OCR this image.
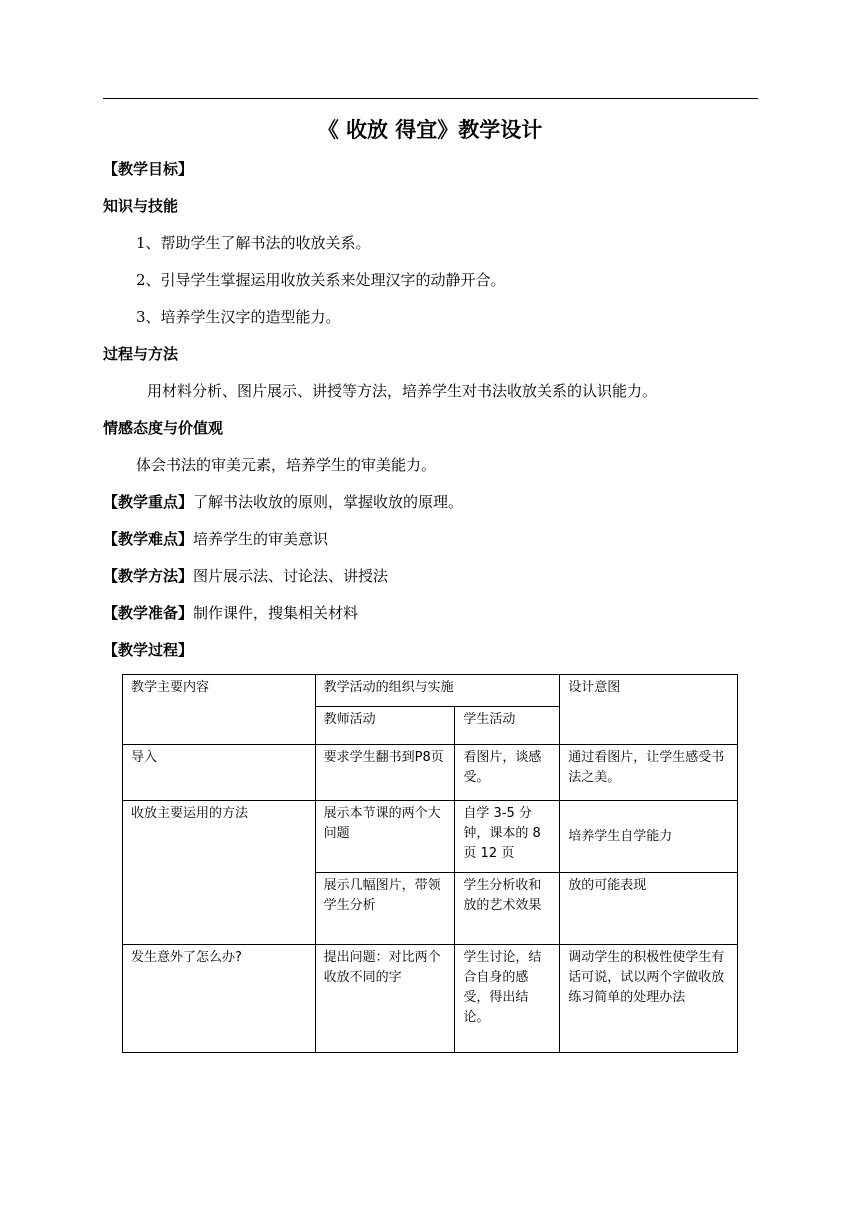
《 收放 得宜》教学设计
【教学目标】
知识与技能
1、帮助学生了解书法的收放关系。
2、引导学生掌握运用收放关系来处理汉字的动静开合。
3、培养学生汉字的造型能力。
过程与方法
用材料分析、图片展示、讲授等方法，培养学生对书法收放关系的认识能力。
情感态度与价值观
体会书法的审美元素，培养学生的审美能力。
【教学重点】了解书法收放的原则，掌握收放的原理。
【教学难点】培养学生的审美意识
【教学方法】图片展示法、讨论法、讲授法
【教学准备】制作课件，搜集相关材料
【教学过程】
教学主要内容	教学活动的组织与实施		设计意图
	教师活动	学生活动	
导入	要求学生翻书到P8页	看图片，谈感受。	通过看图片，让学生感受书法之美。
收放主要运用的方法	展示本节课的两个大问题	自学 3-5 分钟，课本的 8 页 12 页	培养学生自学能力
	展示几幅图片，带领学生分析	学生分析收和放的艺术效果	放的可能表现
发生意外了怎么办?	提出问题：对比两个收放不同的字	学生讨论，结合自身的感受，得出结论。	调动学生的积极性使学生有话可说，试以两个字做收放练习简单的处理办法
